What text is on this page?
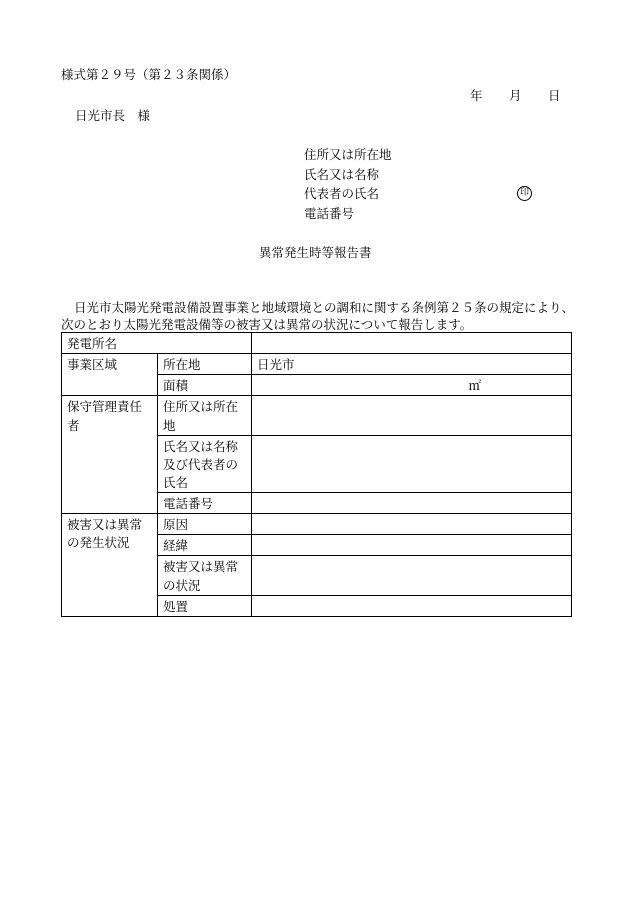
様式第２９号（第２３条関係）
年 月 日
日光市長　様
住所又は所在地
氏名又は名称
代表者の氏名	印
電話番号
異常発生時等報告書

日光市太陽光発電設備設置事業と地域環境との調和に関する条例第２５条の規定により、

次のとおり太陽光発電設備等の被害又は異常の状況について報告します。

発電所名		
事業区域	所在地	日光市
	面積	㎡
保守管理責任者	住所又は所在地	
	氏名又は名称及び代表者の氏名	
	電話番号	
被害又は異常の発生状況	原因	
	経緯	
	被害又は異常の状況	
	処置	
